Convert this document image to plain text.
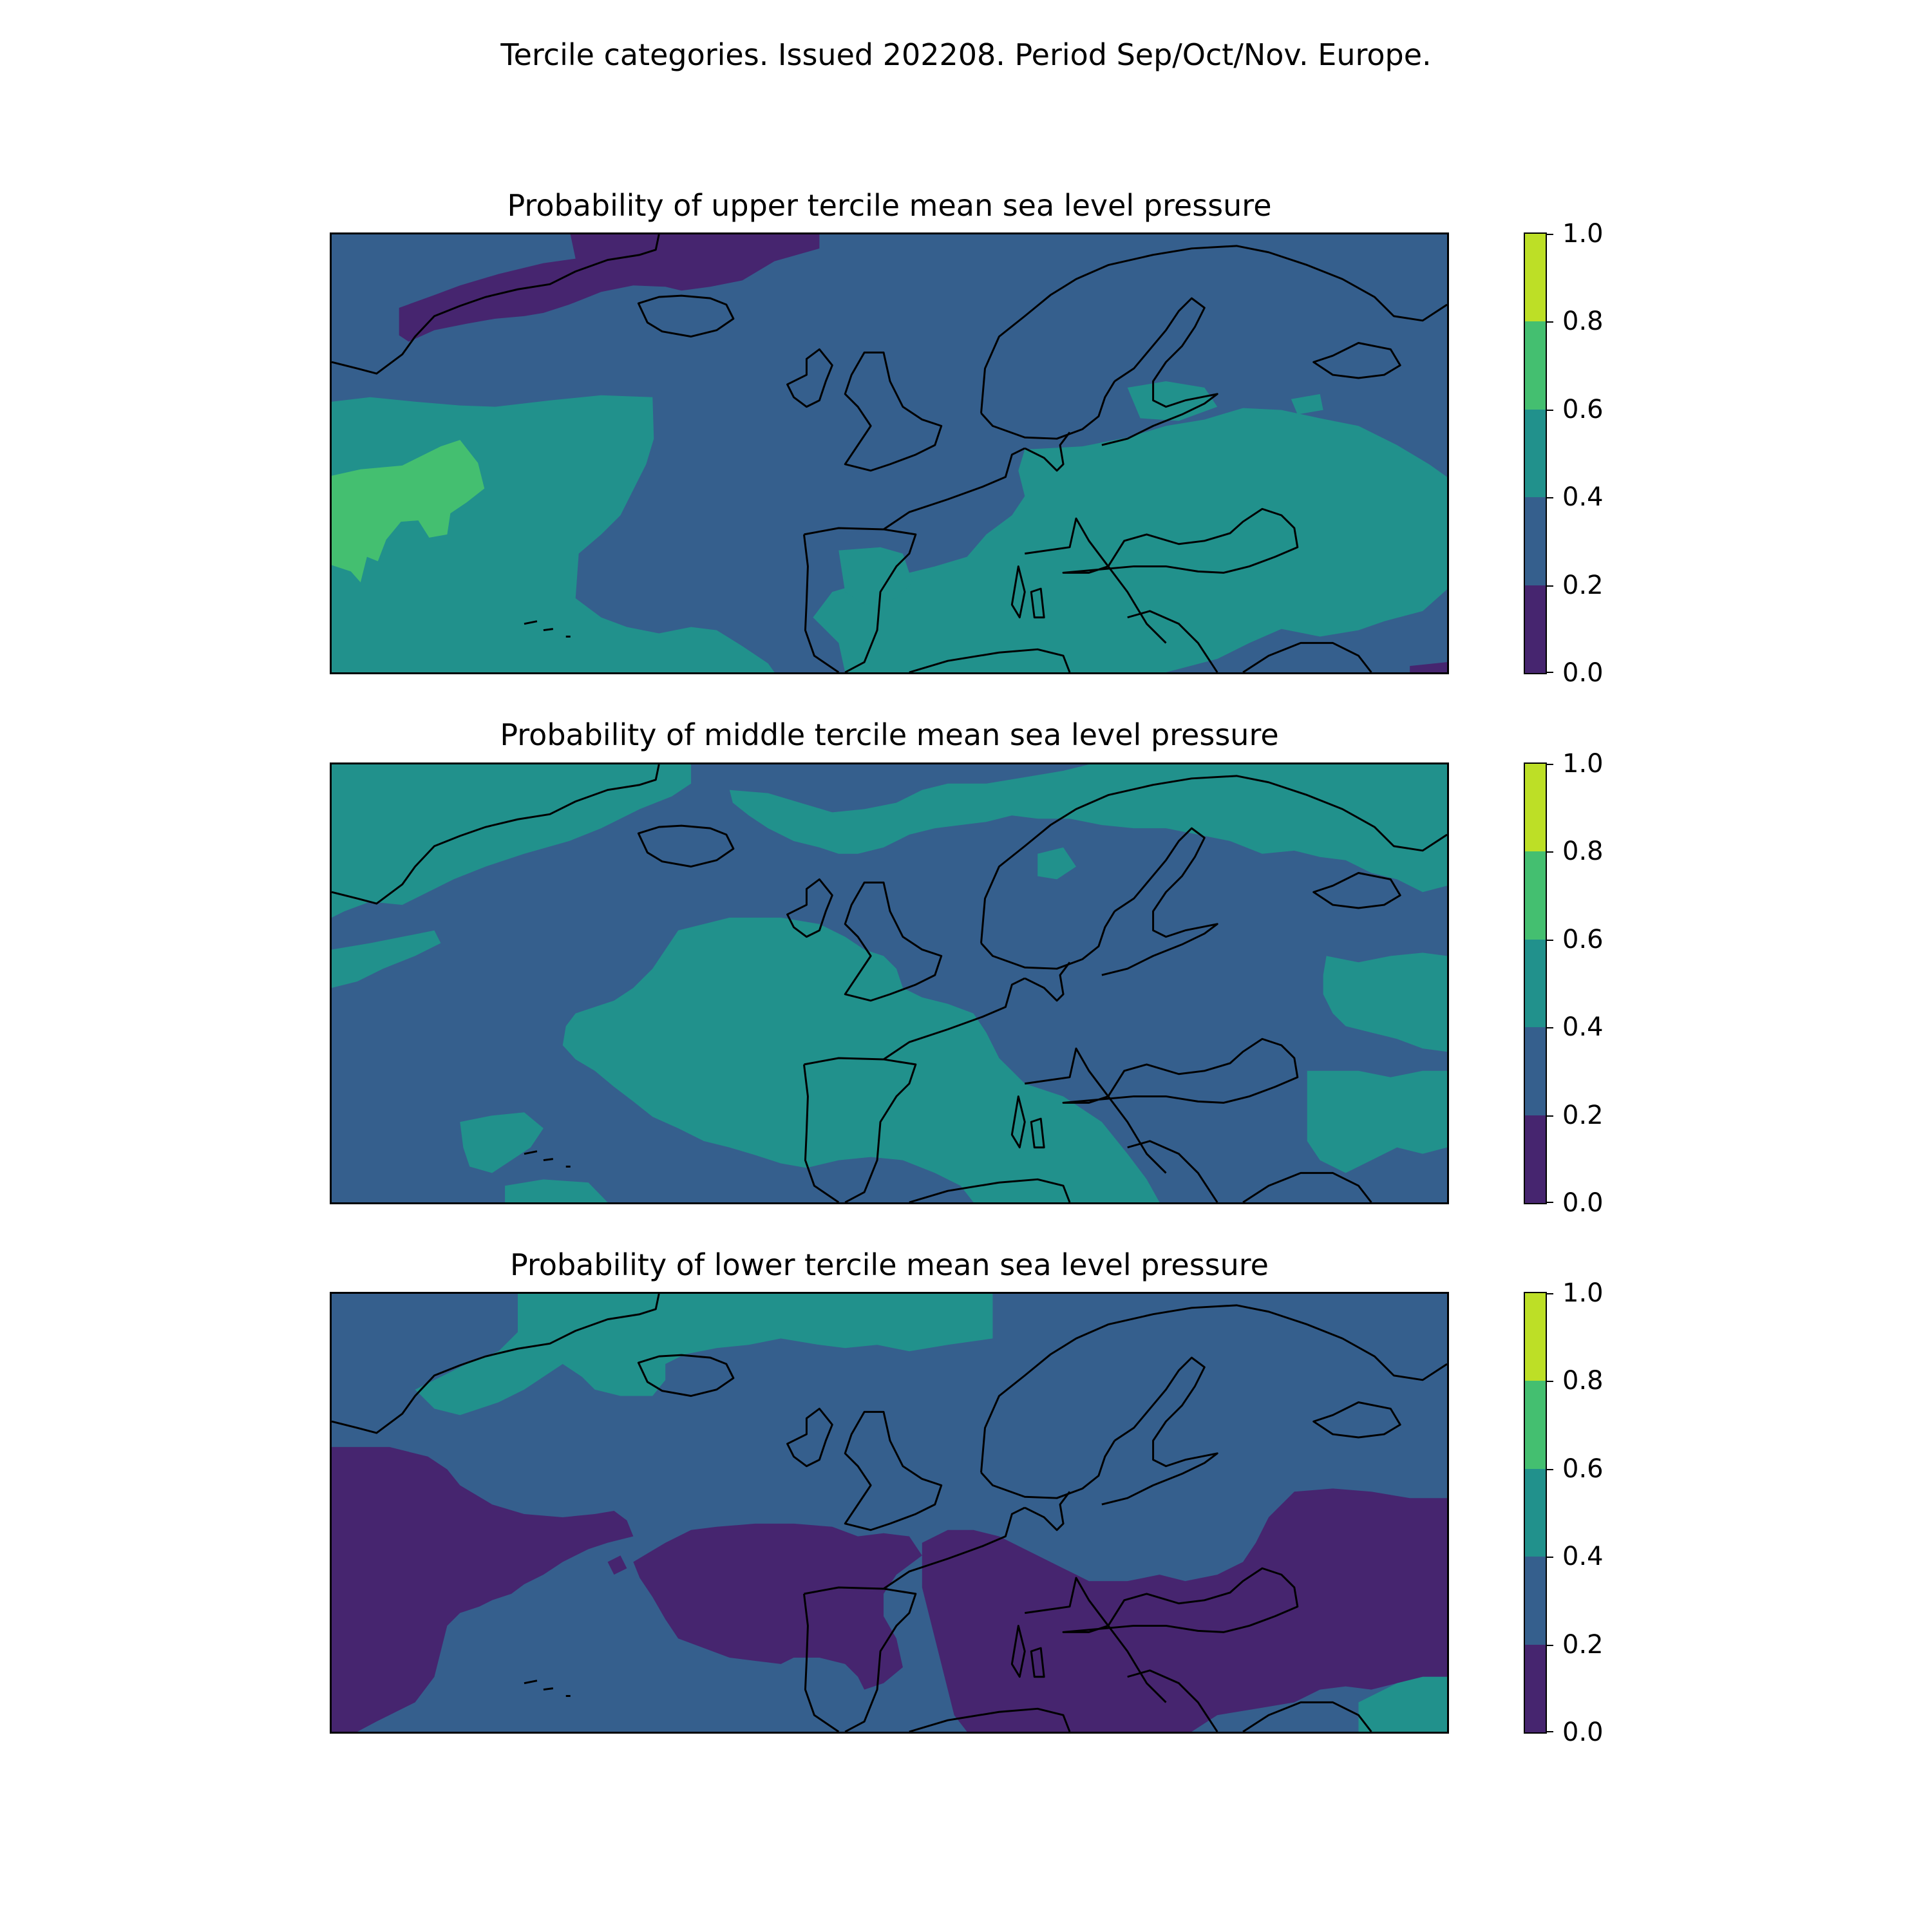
Tercile categories. Issued 202208. Period Sep/Oct/Nov. Europe.
Probability of upper tercile mean sea level pressure
1.0
0.8
0.6
0.4
0.2
0.0
Probability of middle tercile mean sea level pressure
1.0
0.8
0.6
0.4
0.2
0.0
Probability of lower tercile mean sea level pressure
1.0
0.8
0.6
0.4
0.2
0.0
